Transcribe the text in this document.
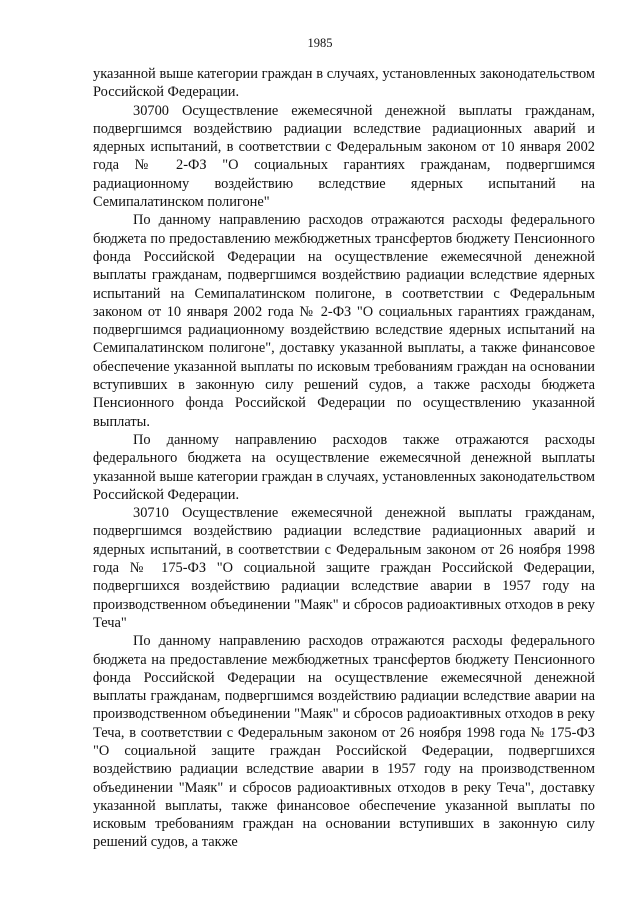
1985

указанной выше категории граждан в случаях, установленных законодательством Российской Федерации.

30700 Осуществление ежемесячной денежной выплаты гражданам, подвергшимся воздействию радиации вследствие радиационных аварий и ядерных испытаний, в соответствии с Федеральным законом от 10 января 2002 года № 2-ФЗ "О социальных гарантиях гражданам, подвергшимся радиационному воздействию вследствие ядерных испытаний на Семипалатинском полигоне"

По данному направлению расходов отражаются расходы федерального бюджета по предоставлению межбюджетных трансфертов бюджету Пенсионного фонда Российской Федерации на осуществление ежемесячной денежной выплаты гражданам, подвергшимся воздействию радиации вследствие ядерных испытаний на Семипалатинском полигоне, в соответствии с Федеральным законом от 10 января 2002 года № 2-ФЗ "О социальных гарантиях гражданам, подвергшимся радиационному воздействию вследствие ядерных испытаний на Семипалатинском полигоне", доставку указанной выплаты, а также финансовое обеспечение указанной выплаты по исковым требованиям граждан на основании вступивших в законную силу решений судов, а также расходы бюджета Пенсионного фонда Российской Федерации по осуществлению указанной выплаты.

По данному направлению расходов также отражаются расходы федерального бюджета на осуществление ежемесячной денежной выплаты указанной выше категории граждан в случаях, установленных законодательством Российской Федерации.

30710 Осуществление ежемесячной денежной выплаты гражданам, подвергшимся воздействию радиации вследствие радиационных аварий и ядерных испытаний, в соответствии с Федеральным законом от 26 ноября 1998 года № 175-ФЗ "О социальной защите граждан Российской Федерации, подвергшихся воздействию радиации вследствие аварии в 1957 году на производственном объединении "Маяк" и сбросов радиоактивных отходов в реку Теча"

По данному направлению расходов отражаются расходы федерального бюджета на предоставление межбюджетных трансфертов бюджету Пенсионного фонда Российской Федерации на осуществление ежемесячной денежной выплаты гражданам, подвергшимся воздействию радиации вследствие аварии на производственном объединении "Маяк" и сбросов радиоактивных отходов в реку Теча, в соответствии с Федеральным законом от 26 ноября 1998 года № 175-ФЗ "О социальной защите граждан Российской Федерации, подвергшихся воздействию радиации вследствие аварии в 1957 году на производственном объединении "Маяк" и сбросов радиоактивных отходов в реку Теча", доставку указанной выплаты, также финансовое обеспечение указанной выплаты по исковым требованиям граждан на основании вступивших в законную силу решений судов, а также
